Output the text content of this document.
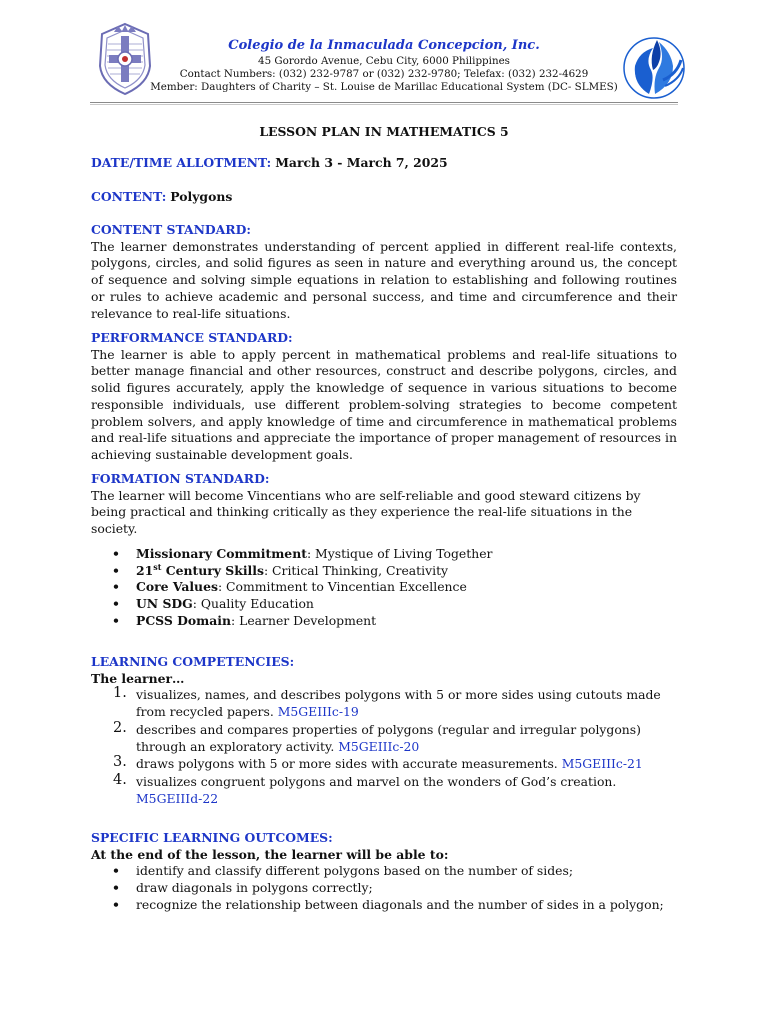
Colegio de la Inmaculada Concepcion, Inc.
45 Gorordo Avenue, Cebu City, 6000 Philippines
Contact Numbers: (032) 232-9787 or (032) 232-9780; Telefax: (032) 232-4629
Member: Daughters of Charity – St. Louise de Marillac Educational System (DC- SLMES)
LESSON PLAN IN MATHEMATICS 5
DATE/TIME ALLOTMENT: March 3 - March 7, 2025
CONTENT: Polygons
CONTENT STANDARD:
The learner demonstrates understanding of percent applied in different real-life contexts, polygons, circles, and solid figures as seen in nature and everything around us, the concept of sequence and solving simple equations in relation to establishing and following routines or rules to achieve academic and personal success, and time and circumference and their relevance to real-life situations.
PERFORMANCE STANDARD:
The learner is able to apply percent in mathematical problems and real-life situations to better manage financial and other resources, construct and describe polygons, circles, and solid figures accurately, apply the knowledge of sequence in various situations to become responsible individuals, use different problem-solving strategies to become competent problem solvers, and apply knowledge of time and circumference in mathematical problems and real-life situations and appreciate the importance of proper management of resources in achieving sustainable development goals.
FORMATION STANDARD:
The learner will become Vincentians who are self-reliable and good steward citizens by being practical and thinking critically as they experience the real-life situations in the society.
• Missionary Commitment: Mystique of Living Together
• 21st Century Skills: Critical Thinking, Creativity
• Core Values: Commitment to Vincentian Excellence
• UN SDG: Quality Education
• PCSS Domain: Learner Development
LEARNING COMPETENCIES:
The learner…
1. visualizes, names, and describes polygons with 5 or more sides using cutouts made from recycled papers. M5GEIIIc-19
2. describes and compares properties of polygons (regular and irregular polygons) through an exploratory activity. M5GEIIIc-20
3. draws polygons with 5 or more sides with accurate measurements. M5GEIIIc-21
4. visualizes congruent polygons and marvel on the wonders of God’s creation. M5GEIIId-22
SPECIFIC LEARNING OUTCOMES:
At the end of the lesson, the learner will be able to:
• identify and classify different polygons based on the number of sides;
• draw diagonals in polygons correctly;
• recognize the relationship between diagonals and the number of sides in a polygon;
